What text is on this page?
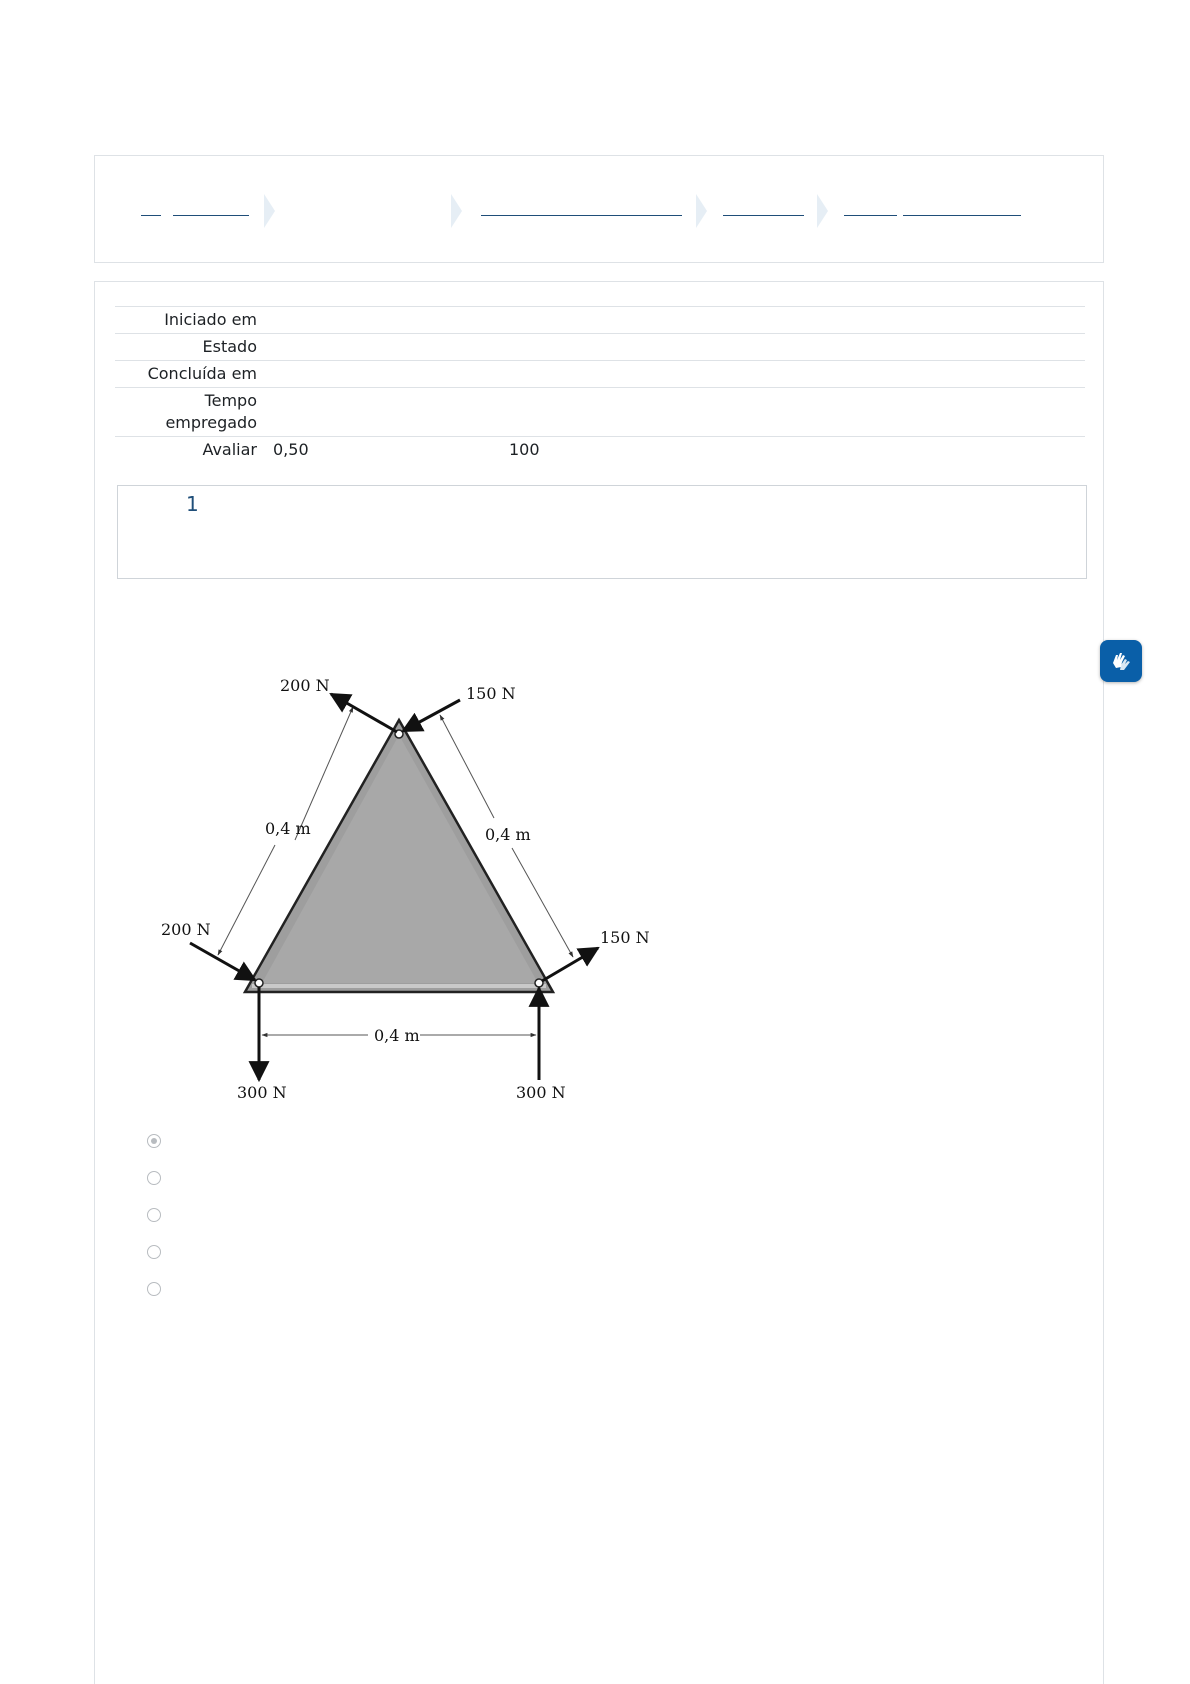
Iniciado em		
Estado		
Concluída em		
Tempo empregado		
Avaliar	0,50	100
1
200 N	150 N
200 N	150 N
300 N	300 N
0,4 m	0,4 m
0,4 m
